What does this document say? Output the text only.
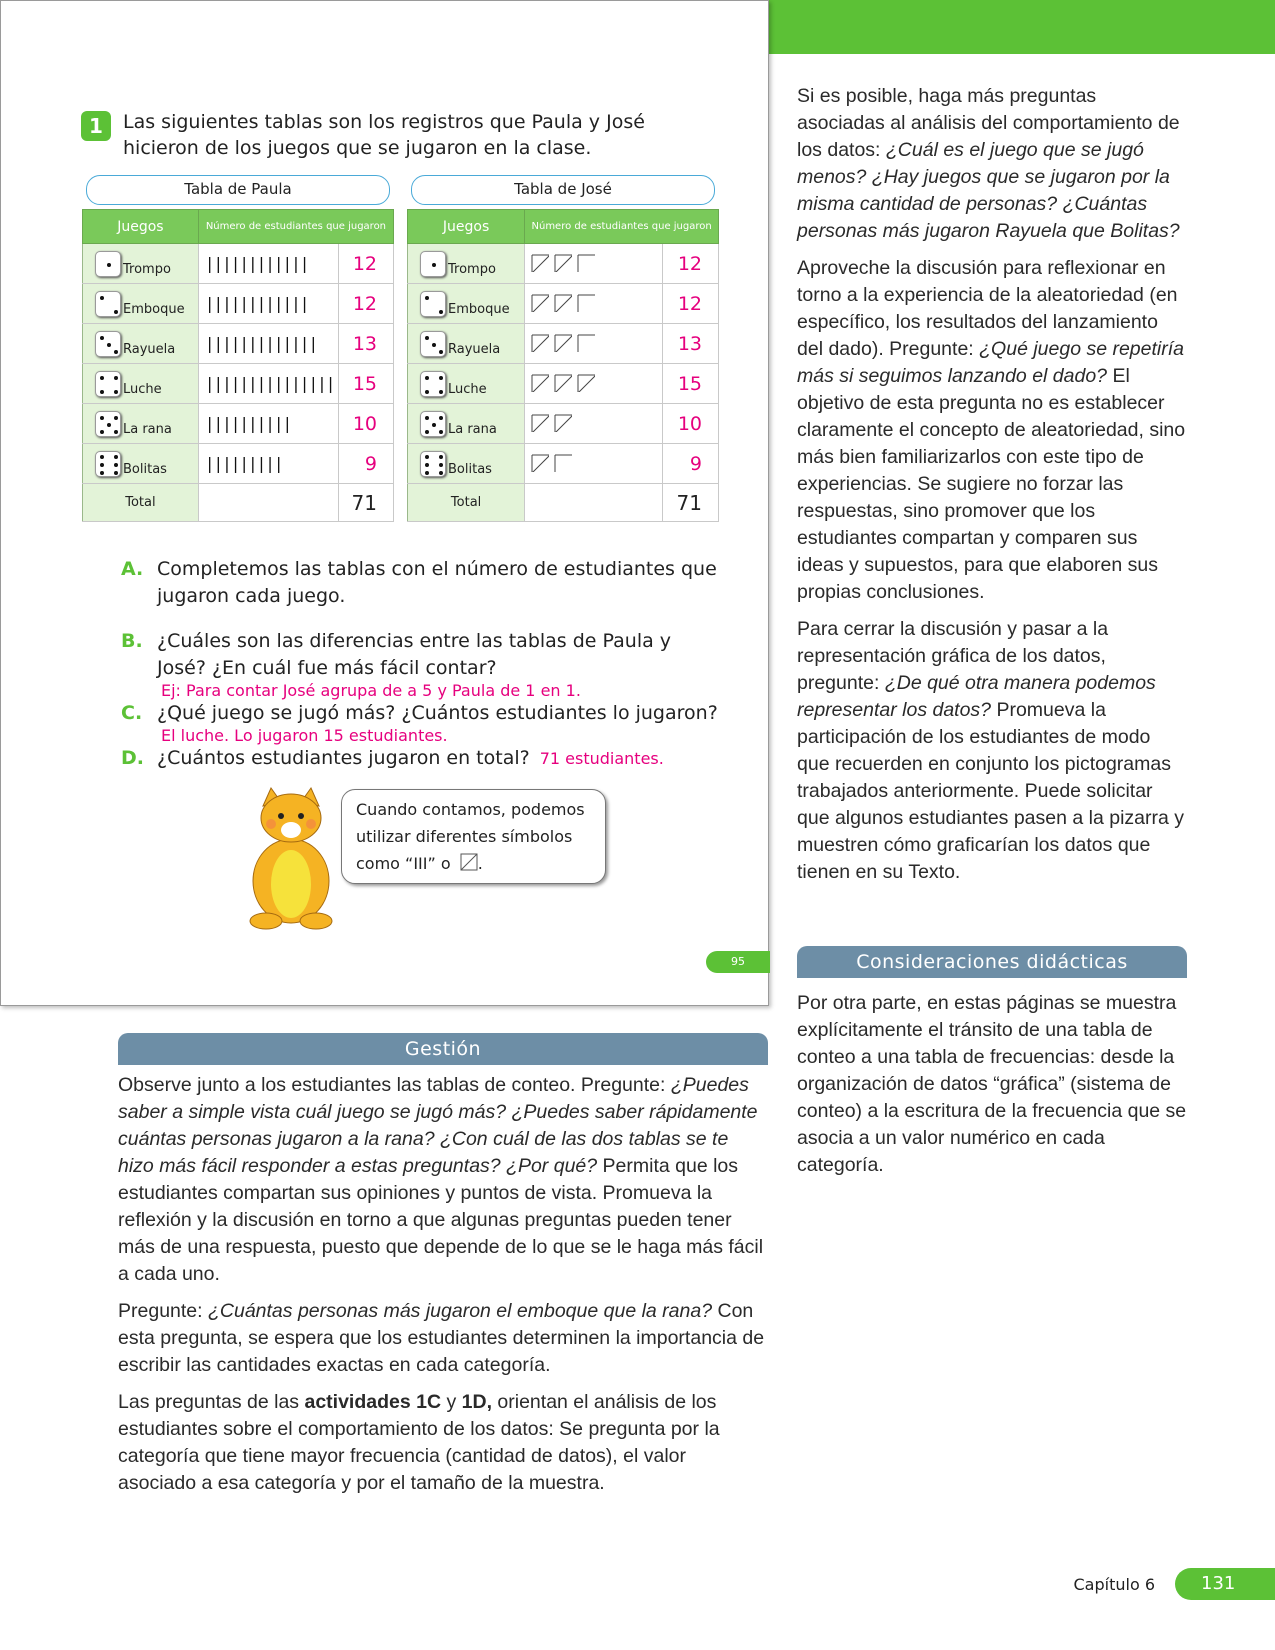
1	Las siguientes tablas son los registros que Paula y José hicieron de los juegos que se jugaron en la clase.
Tabla de Paula
Juegos	Número de estudiantes que jugaron	

Trompo	||||||||||||	12

Emboque	||||||||||||	12

Rayuela	|||||||||||||	13

Luche	|||||||||||||||	15

La rana	||||||||||	10

Bolitas	|||||||||	9
Total		71
Tabla de José
Juegos	Número de estudiantes que jugaron	

Trompo		12

Emboque		12

Rayuela		13

Luche		15

La rana		10

Bolitas		9
Total		71
A. Completemos las tablas con el número de estudiantes que jugaron cada juego.
B. ¿Cuáles son las diferencias entre las tablas de Paula y José? ¿En cuál fue más fácil contar?
Ej: Para contar José agrupa de a 5 y Paula de 1 en 1.
C. ¿Qué juego se jugó más? ¿Cuántos estudiantes lo jugaron?
El luche. Lo jugaron 15 estudiantes.
D. ¿Cuántos estudiantes jugaron en total? 71 estudiantes.
Cuando contamos, podemos
utilizar diferentes símbolos
como “III” o .
95

Si es posible, haga más preguntas asociadas al análisis del comportamiento de los datos: ¿Cuál es el juego que se jugó menos? ¿Hay juegos que se jugaron por la misma cantidad de personas? ¿Cuántas personas más jugaron Rayuela que Bolitas?

Aproveche la discusión para reflexionar en torno a la experiencia de la aleatoriedad (en específico, los resultados del lanzamiento del dado). Pregunte: ¿Qué juego se repetiría más si seguimos lanzando el dado? El objetivo de esta pregunta no es establecer claramente el concepto de aleatoriedad, sino más bien familiarizarlos con este tipo de experiencias. Se sugiere no forzar las respuestas, sino promover que los estudiantes compartan y comparen sus ideas y supuestos, para que elaboren sus propias conclusiones.

Para cerrar la discusión y pasar a la representación gráfica de los datos, pregunte: ¿De qué otra manera podemos representar los datos? Promueva la participación de los estudiantes de modo que recuerden en conjunto los pictogramas trabajados anteriormente. Puede solicitar que algunos estudiantes pasen a la pizarra y muestren cómo graficarían los datos que tienen en su Texto.

Consideraciones didácticas

Por otra parte, en estas páginas se muestra explícitamente el tránsito de una tabla de conteo a una tabla de frecuencias: desde la organización de datos “gráfica” (sistema de conteo) a la escritura de la frecuencia que se asocia a un valor numérico en cada categoría.

Gestión

Observe junto a los estudiantes las tablas de conteo. Pregunte: ¿Puedes saber a simple vista cuál juego se jugó más? ¿Puedes saber rápidamente cuántas personas jugaron a la rana? ¿Con cuál de las dos tablas se te hizo más fácil responder a estas preguntas? ¿Por qué? Permita que los estudiantes compartan sus opiniones y puntos de vista. Promueva la reflexión y la discusión en torno a que algunas preguntas pueden tener más de una respuesta, puesto que depende de lo que se le haga más fácil a cada uno.

Pregunte: ¿Cuántas personas más jugaron el emboque que la rana? Con esta pregunta, se espera que los estudiantes determinen la importancia de escribir las cantidades exactas en cada categoría.

Las preguntas de las actividades 1C y 1D, orientan el análisis de los estudiantes sobre el comportamiento de los datos: Se pregunta por la categoría que tiene mayor frecuencia (cantidad de datos), el valor asociado a esa categoría y por el tamaño de la muestra.

Capítulo 6	131
